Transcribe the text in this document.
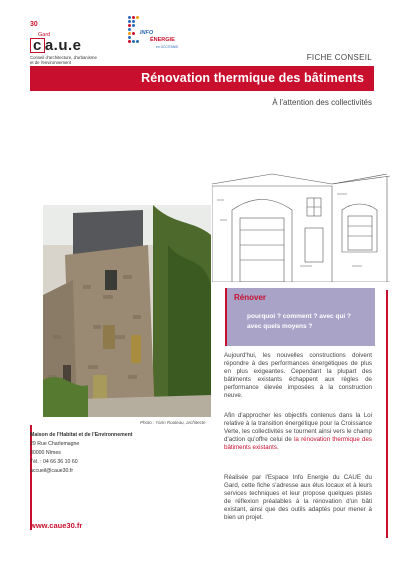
30
Gard
c a.u.e
Conseil d'architecture, d'urbanisme
et de l'environnement
INFO
ÉNERGIE
en OCCITANIE
FICHE CONSEIL
Rénovation thermique des bâtiments
À l'attention des collectivités
Photo : Yann Rouleau, architecte
Rénover
pourquoi ? comment ? avec qui ?
avec quels moyens ?

Aujourd'hui, les nouvelles constructions doivent répondre à des performances énergétiques de plus en plus exigeantes. Cependant la plupart des bâtiments existants échappent aux règles de performance élevée imposées à la construction neuve.

Afin d'approcher les objectifs contenus dans la Loi relative à la transition énergétique pour la Croissance Verte, les collectivités se tournent ainsi vers le champ d'action qu'offre celui de la rénovation thermique des bâtiments existants.

Réalisée par l'Espace Info Energie du CAUE du Gard, cette fiche s'adresse aux élus locaux et à leurs services techniques et leur propose quelques pistes de réflexion préalables à la rénovation d'un bâti existant, ainsi que des outils adaptés pour mener à bien un projet.

Maison de l'Habitat et de l'Environnement
29 Rue Charlemagne
30000 Nîmes
Tél. : 04 66 36 10 60
accueil@caue30.fr
www.caue30.fr
